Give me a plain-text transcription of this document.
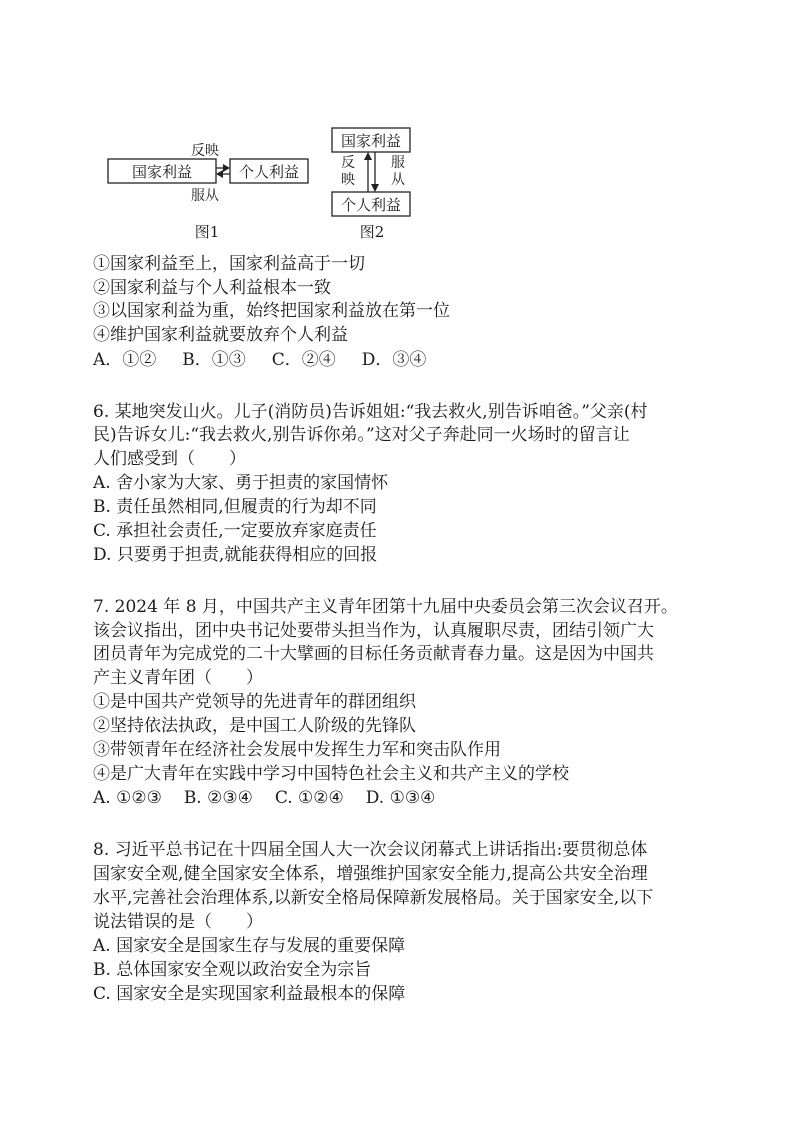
国家利益	个人利益
反映
服从
图1
国家利益
个人利益
反
映
服
从
图2
①国家利益至上，国家利益高于一切
②国家利益与个人利益根本一致
③以国家利益为重，始终把国家利益放在第一位
④维护国家利益就要放弃个人利益
A．①② B．①③ C．②④ D．③④
6. 某地突发山火。儿子(消防员)告诉姐姐:“我去救火,别告诉咱爸。”父亲(村
民)告诉女儿:“我去救火,别告诉你弟。”这对父子奔赴同一火场时的留言让
人们感受到（　　）
A. 舍小家为大家、勇于担责的家国情怀
B. 责任虽然相同,但履责的行为却不同
C. 承担社会责任,一定要放弃家庭责任
D. 只要勇于担责,就能获得相应的回报
7. 2024 年 8 月，中国共产主义青年团第十九届中央委员会第三次会议召开。
该会议指出，团中央书记处要带头担当作为，认真履职尽责，团结引领广大
团员青年为完成党的二十大擘画的目标任务贡献青春力量。这是因为中国共
产主义青年团（　　）
①是中国共产党领导的先进青年的群团组织
②坚持依法执政，是中国工人阶级的先锋队
③带领青年在经济社会发展中发挥生力军和突击队作用
④是广大青年在实践中学习中国特色社会主义和共产主义的学校
A. ①②③ B. ②③④ C. ①②④ D. ①③④
8. 习近平总书记在十四届全国人大一次会议闭幕式上讲话指出:要贯彻总体
国家安全观,健全国家安全体系，增强维护国家安全能力,提高公共安全治理
水平,完善社会治理体系,以新安全格局保障新发展格局。关于国家安全,以下
说法错误的是（　　）
A. 国家安全是国家生存与发展的重要保障
B. 总体国家安全观以政治安全为宗旨
C. 国家安全是实现国家利益最根本的保障
